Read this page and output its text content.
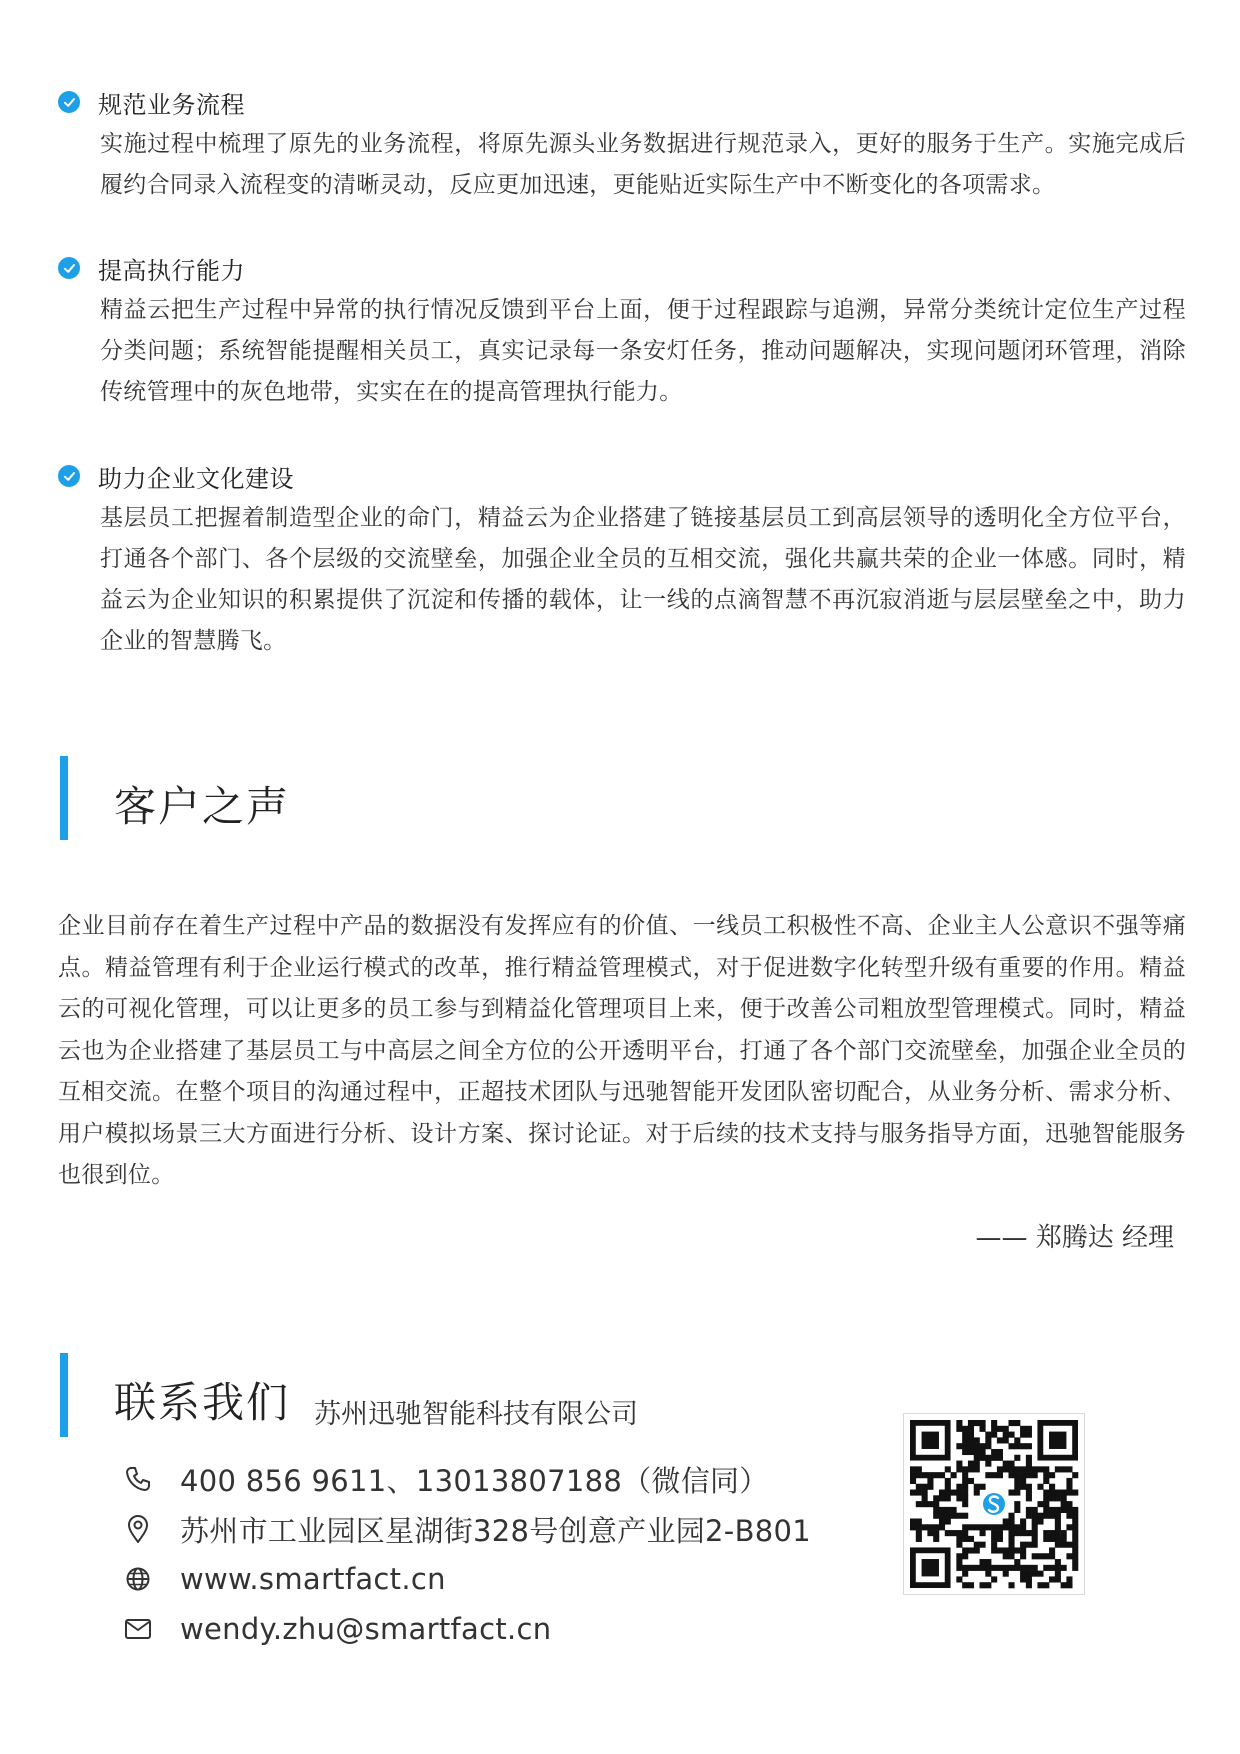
规范业务流程
实施过程中梳理了原先的业务流程，将原先源头业务数据进行规范录入，更好的服务于生产。实施完成后履约合同录入流程变的清晰灵动，反应更加迅速，更能贴近实际生产中不断变化的各项需求。
提高执行能力
精益云把生产过程中异常的执行情况反馈到平台上面，便于过程跟踪与追溯，异常分类统计定位生产过程分类问题；系统智能提醒相关员工，真实记录每一条安灯任务，推动问题解决，实现问题闭环管理，消除传统管理中的灰色地带，实实在在的提高管理执行能力。
助力企业文化建设
基层员工把握着制造型企业的命门，精益云为企业搭建了链接基层员工到高层领导的透明化全方位平台，打通各个部门、各个层级的交流壁垒，加强企业全员的互相交流，强化共赢共荣的企业一体感。同时，精益云为企业知识的积累提供了沉淀和传播的载体，让一线的点滴智慧不再沉寂消逝与层层壁垒之中，助力企业的智慧腾飞。
客户之声
企业目前存在着生产过程中产品的数据没有发挥应有的价值、一线员工积极性不高、企业主人公意识不强等痛点。精益管理有利于企业运行模式的改革，推行精益管理模式，对于促进数字化转型升级有重要的作用。精益云的可视化管理，可以让更多的员工参与到精益化管理项目上来，便于改善公司粗放型管理模式。同时，精益云也为企业搭建了基层员工与中高层之间全方位的公开透明平台，打通了各个部门交流壁垒，加强企业全员的互相交流。在整个项目的沟通过程中，正超技术团队与迅驰智能开发团队密切配合，从业务分析、需求分析、用户模拟场景三大方面进行分析、设计方案、探讨论证。对于后续的技术支持与服务指导方面，迅驰智能服务也很到位。
—— 郑腾达 经理
联系我们 苏州迅驰智能科技有限公司
400 856 9611、13013807188（微信同）
苏州市工业园区星湖街328号创意产业园2-B801
www.smartfact.cn
wendy.zhu@smartfact.cn
